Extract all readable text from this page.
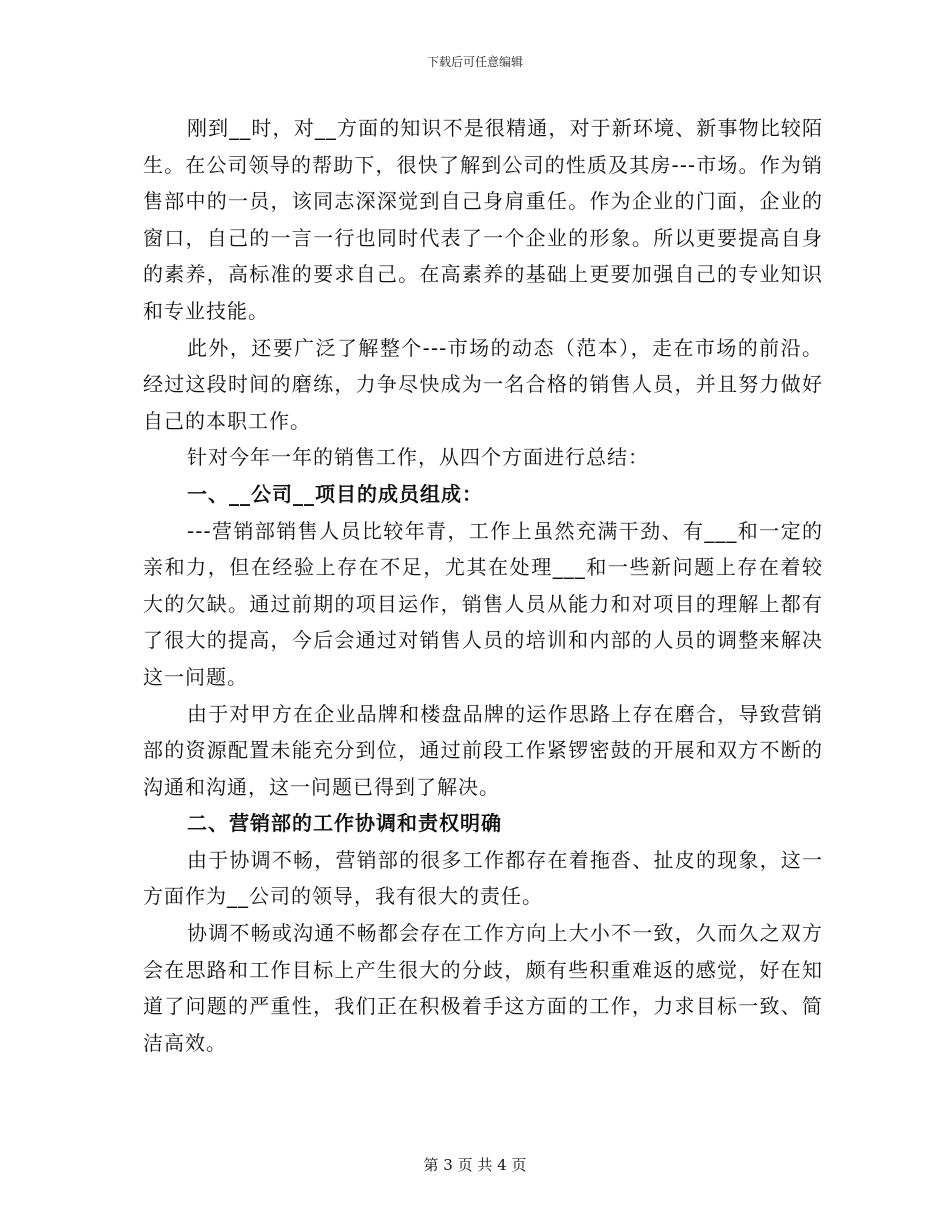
下载后可任意编辑

刚到__时，对__方面的知识不是很精通，对于新环境、新事物比较陌生。在公司领导的帮助下，很快了解到公司的性质及其房---市场。作为销售部中的一员，该同志深深觉到自己身肩重任。作为企业的门面，企业的窗口，自己的一言一行也同时代表了一个企业的形象。所以更要提高自身的素养，高标准的要求自己。在高素养的基础上更要加强自己的专业知识和专业技能。

此外，还要广泛了解整个---市场的动态（范本），走在市场的前沿。经过这段时间的磨练，力争尽快成为一名合格的销售人员，并且努力做好自己的本职工作。

针对今年一年的销售工作，从四个方面进行总结：

一、__公司__项目的成员组成：

---营销部销售人员比较年青，工作上虽然充满干劲、有___和一定的亲和力，但在经验上存在不足，尤其在处理___和一些新问题上存在着较大的欠缺。通过前期的项目运作，销售人员从能力和对项目的理解上都有了很大的提高，今后会通过对销售人员的培训和内部的人员的调整来解决这一问题。

由于对甲方在企业品牌和楼盘品牌的运作思路上存在磨合，导致营销部的资源配置未能充分到位，通过前段工作紧锣密鼓的开展和双方不断的沟通和沟通，这一问题已得到了解决。

二、营销部的工作协调和责权明确

由于协调不畅，营销部的很多工作都存在着拖沓、扯皮的现象，这一方面作为__公司的领导，我有很大的责任。

协调不畅或沟通不畅都会存在工作方向上大小不一致，久而久之双方会在思路和工作目标上产生很大的分歧，颇有些积重难返的感觉，好在知道了问题的严重性，我们正在积极着手这方面的工作，力求目标一致、简洁高效。

第 3 页 共 4 页
